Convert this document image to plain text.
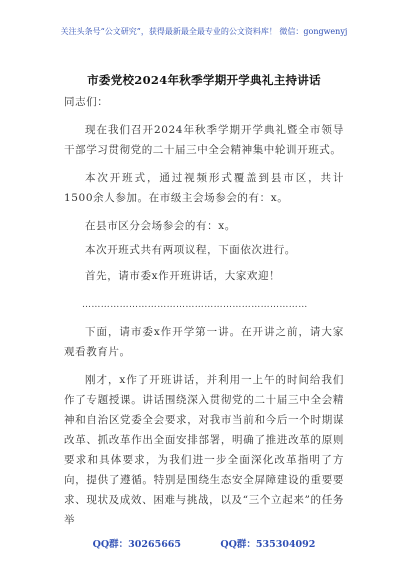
关注头条号“公文研究”，获得最新最全最专业的公文资料库！ 微信：gongwenyj
市委党校2024年秋季学期开学典礼主持讲话

同志们：

现在我们召开2024年秋季学期开学典礼暨全市领导干部学习贯彻党的二十届三中全会精神集中轮训开班式。

本次开班式，通过视频形式覆盖到县市区，共计1500余人参加。在市级主会场参会的有：x。

在县市区分会场参会的有：x。

本次开班式共有两项议程，下面依次进行。

首先，请市委x作开班讲话，大家欢迎！

………………………………………………………………

下面，请市委x作开学第一讲。在开讲之前，请大家观看教育片。

刚才，x作了开班讲话，并利用一上午的时间给我们作了专题授课。讲话围绕深入贯彻党的二十届三中全会精神和自治区党委全会要求，对我市当前和今后一个时期谋改革、抓改革作出全面安排部署，明确了推进改革的原则要求和具体要求，为我们进一步全面深化改革指明了方向，提供了遵循。特别是围绕生态安全屏障建设的重要要求、现状及成效、困难与挑战，以及“三个立起来”的任务举

QQ群：30265665	QQ群：535304092
